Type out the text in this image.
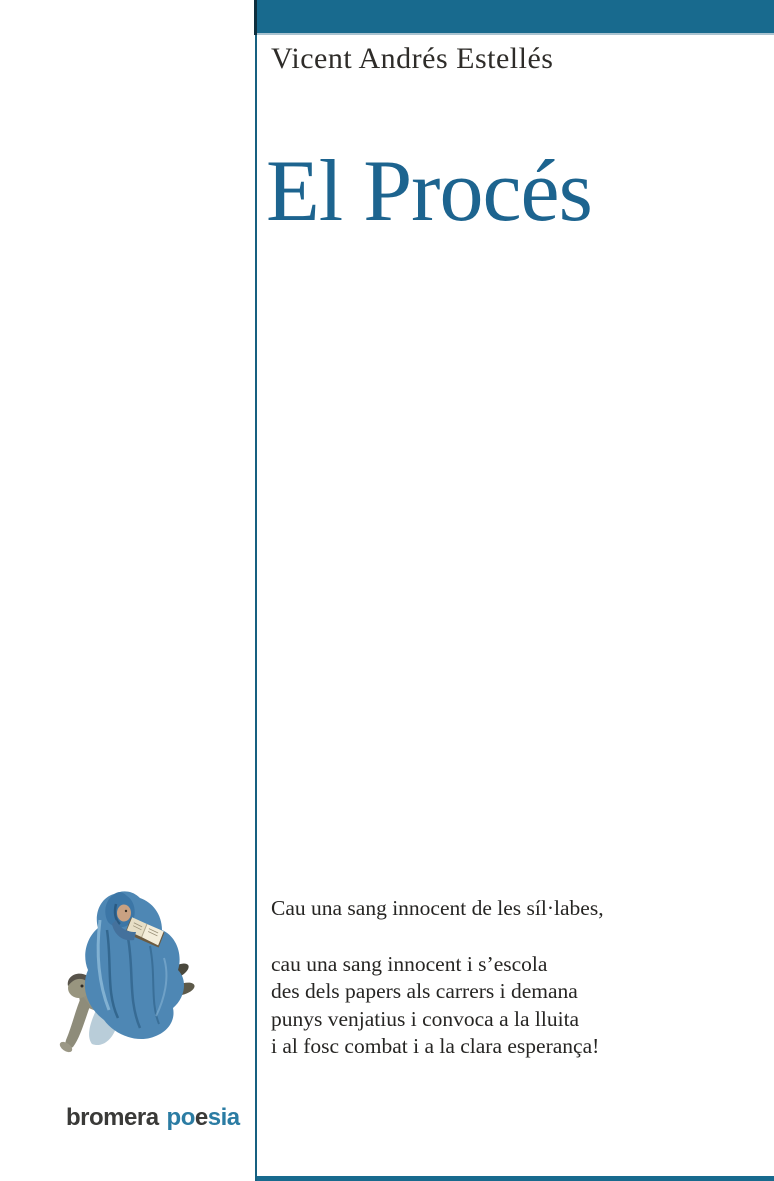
Vicent Andrés Estellés
El Procés
Cau una sang innocent de les síl·labes,
cau una sang innocent i s’escola
des dels papers als carrers i demana
punys venjatius i convoca a la lluita
i al fosc combat i a la clara esperança!
bromera poesia
